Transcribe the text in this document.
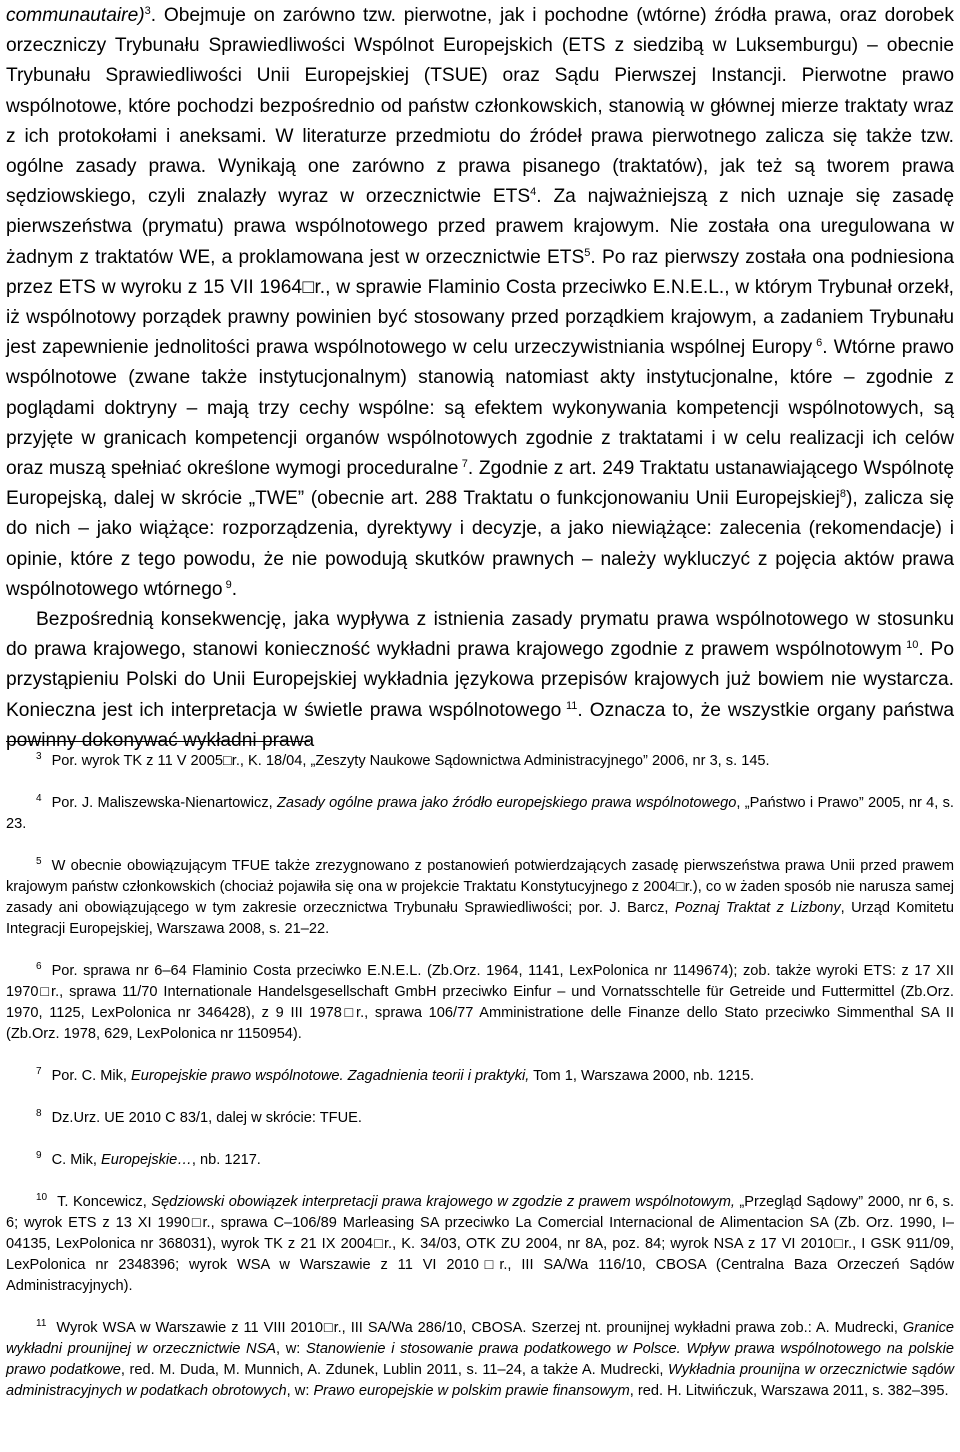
communautaire)$^3$. Obejmuje on zarówno tzw. pierwotne, jak i pochodne (wtórne) źródła prawa, oraz dorobek orzeczniczy Trybunału Sprawiedliwości Wspólnot Europejskich (ETS z siedzibą w Luksemburgu) – obecnie Trybunału Sprawiedliwości Unii Europejskiej (TSUE) oraz Sądu Pierwszej Instancji. Pierwotne prawo wspólnotowe, które pochodzi bezpośrednio od państw członkowskich, stanowią w głównej mierze traktaty wraz z ich protokołami i aneksami. W literaturze przedmiotu do źródeł prawa pierwotnego zalicza się także tzw. ogólne zasady prawa. Wynikają one zarówno z prawa pisanego (traktatów), jak też są tworem prawa sędziowskiego, czyli znalazły wyraz w orzecznictwie ETS$^4$. Za najważniejszą z nich uznaje się zasadę pierwszeństwa (prymatu) prawa wspólnotowego przed prawem krajowym. Nie została ona uregulowana w żadnym z traktatów WE, a proklamowana jest w orzecznictwie ETS$^5$. Po raz pierwszy została ona podniesiona przez ETS w wyroku z 15 VII 1964□r., w sprawie Flaminio Costa przeciwko E.N.E.L., w którym Trybunał orzekł, iż wspólnotowy porządek prawny powinien być stosowany przed porządkiem krajowym, a zadaniem Trybunału jest zapewnienie jednolitości prawa wspólnotowego w celu urzeczywistniania wspólnej Europy $^6$. Wtórne prawo wspólnotowe (zwane także instytucjonalnym) stanowią natomiast akty instytucjonalne, które – zgodnie z poglądami doktryny – mają trzy cechy wspólne: są efektem wykonywania kompetencji wspólnotowych, są przyjęte w granicach kompetencji organów wspólnotowych zgodnie z traktatami i w celu realizacji ich celów oraz muszą spełniać określone wymogi proceduralne $^7$. Zgodnie z art. 249 Traktatu ustanawiającego Wspólnotę Europejską, dalej w skrócie „TWE” (obecnie art. 288 Traktatu o funkcjonowaniu Unii Europejskiej$^8$), zalicza się do nich – jako wiążące: rozporządzenia, dyrektywy i decyzje, a jako niewiążące: zalecenia (rekomendacje) i opinie, które z tego powodu, że nie powodują skutków prawnych – należy wykluczyć z pojęcia aktów prawa wspólnotowego wtórnego $^9$.

Bezpośrednią konsekwencję, jaka wypływa z istnienia zasady prymatu prawa wspólnotowego w stosunku do prawa krajowego, stanowi konieczność wykładni prawa krajowego zgodnie z prawem wspólnotowym $^{10}$. Po przystąpieniu Polski do Unii Europejskiej wykładnia językowa przepisów krajowych już bowiem nie wystarcza. Konieczna jest ich interpretacja w świetle prawa wspólnotowego $^{11}$. Oznacza to, że wszystkie organy państwa powinny dokonywać wykładni prawa

$^3$ Por. wyrok TK z 11 V 2005□r., K. 18/04, „Zeszyty Naukowe Sądownictwa Administracyjnego” 2006, nr 3, s. 145.

$^4$ Por. J. Maliszewska-Nienartowicz, Zasady ogólne prawa jako źródło europejskiego prawa wspólnotowego, „Państwo i Prawo” 2005, nr 4, s. 23.

$^5$ W obecnie obowiązującym TFUE także zrezygnowano z postanowień potwierdzających zasadę pierwszeństwa prawa Unii przed prawem krajowym państw członkowskich (chociaż pojawiła się ona w projekcie Traktatu Konstytucyjnego z 2004□r.), co w żaden sposób nie narusza samej zasady ani obowiązującego w tym zakresie orzecznictwa Trybunału Sprawiedliwości; por. J. Barcz, Poznaj Traktat z Lizbony, Urząd Komitetu Integracji Europejskiej, Warszawa 2008, s. 21–22.

$^6$ Por. sprawa nr 6–64 Flaminio Costa przeciwko E.N.E.L. (Zb.Orz. 1964, 1141, LexPolonica nr 1149674); zob. także wyroki ETS: z 17 XII 1970□r., sprawa 11/70 Internationale Handelsgesellschaft GmbH przeciwko Einfur – und Vornatsschtelle für Getreide und Futtermittel (Zb.Orz. 1970, 1125, LexPolonica nr 346428), z 9 III 1978□r., sprawa 106/77 Amministratione delle Finanze dello Stato przeciwko Simmenthal SA II (Zb.Orz. 1978, 629, LexPolonica nr 1150954).

$^7$ Por. C. Mik, Europejskie prawo wspólnotowe. Zagadnienia teorii i praktyki, Tom 1, Warszawa 2000, nb. 1215.

$^8$ Dz.Urz. UE 2010 C 83/1, dalej w skrócie: TFUE.

$^9$ C. Mik, Europejskie…, nb. 1217.

$^{10}$ T. Koncewicz, Sędziowski obowiązek interpretacji prawa krajowego w zgodzie z prawem wspólnotowym, „Przegląd Sądowy” 2000, nr 6, s. 6; wyrok ETS z 13 XI 1990□r., sprawa C–106/89 Marleasing SA przeciwko La Comercial Internacional de Alimentacion SA (Zb. Orz. 1990, I–04135, LexPolonica nr 368031), wyrok TK z 21 IX 2004□r., K. 34/03, OTK ZU 2004, nr 8A, poz. 84; wyrok NSA z 17 VI 2010□r., I GSK 911/09, LexPolonica nr 2348396; wyrok WSA w Warszawie z 11 VI 2010□r., III SA/Wa 116/10, CBOSA (Centralna Baza Orzeczeń Sądów Administracyjnych).

$^{11}$ Wyrok WSA w Warszawie z 11 VIII 2010□r., III SA/Wa 286/10, CBOSA. Szerzej nt. prounijnej wykładni prawa zob.: A. Mudrecki, Granice wykładni prounijnej w orzecznictwie NSA, w: Stanowienie i stosowanie prawa podatkowego w Polsce. Wpływ prawa wspólnotowego na polskie prawo podatkowe, red. M. Duda, M. Munnich, A. Zdunek, Lublin 2011, s. 11–24, a także A. Mudrecki, Wykładnia prounijna w orzecznictwie sądów administracyjnych w podatkach obrotowych, w: Prawo europejskie w polskim prawie finansowym, red. H. Litwińczuk, Warszawa 2011, s. 382–395.
